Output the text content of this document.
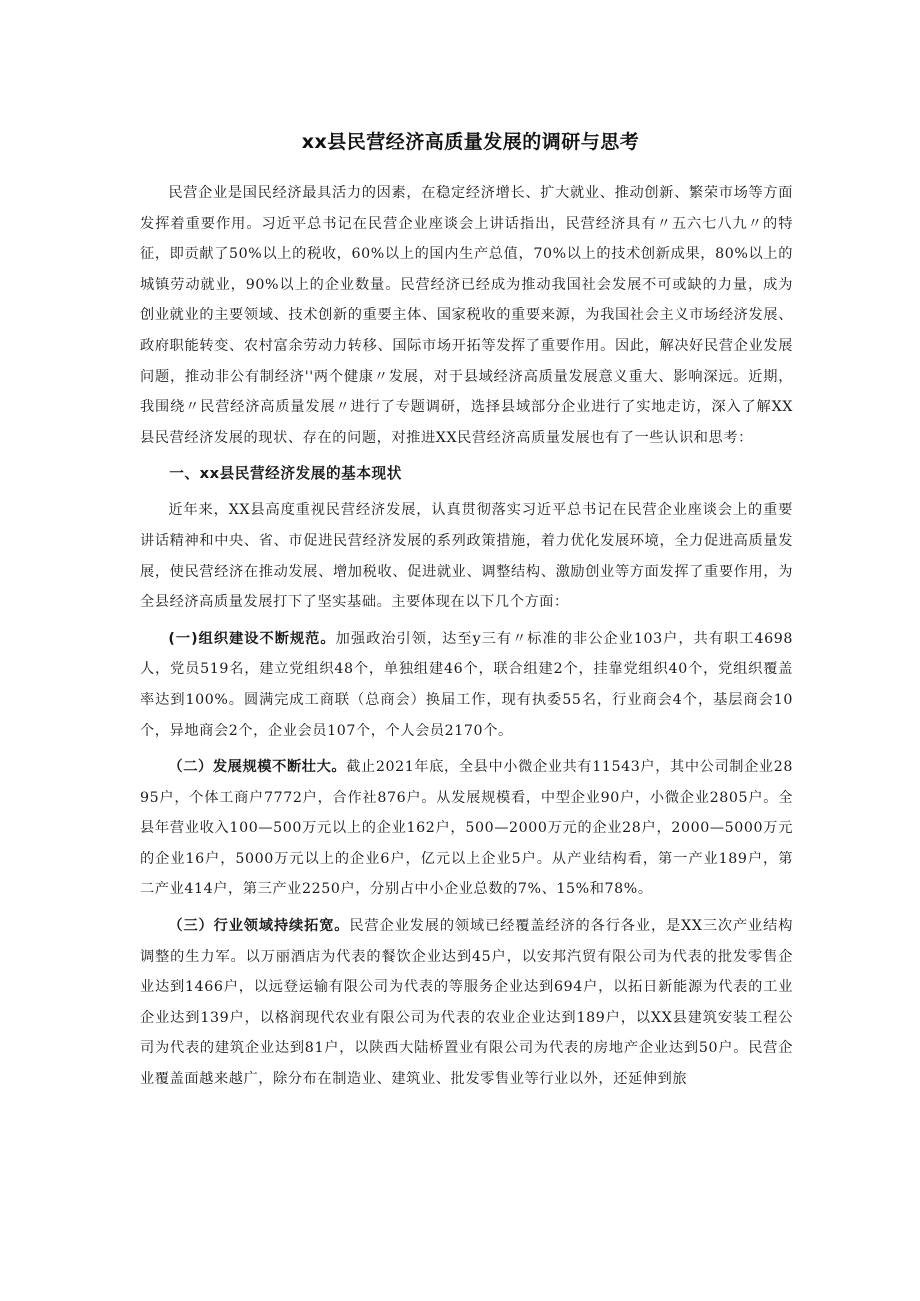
xx县民营经济高质量发展的调研与思考

民营企业是国民经济最具活力的因素，在稳定经济增长、扩大就业、推动创新、繁荣市场等方面发挥着重要作用。习近平总书记在民营企业座谈会上讲话指出，民营经济具有〃五六七八九〃的特征，即贡献了50%以上的税收，60%以上的国内生产总值，70%以上的技术创新成果，80%以上的城镇劳动就业，90%以上的企业数量。民营经济已经成为推动我国社会发展不可或缺的力量，成为创业就业的主要领域、技术创新的重要主体、国家税收的重要来源，为我国社会主义市场经济发展、政府职能转变、农村富余劳动力转移、国际市场开拓等发挥了重要作用。因此，解决好民营企业发展问题，推动非公有制经济''两个健康〃发展，对于县域经济高质量发展意义重大、影响深远。近期，我围绕〃民营经济高质量发展〃进行了专题调研，选择县域部分企业进行了实地走访，深入了解XX县民营经济发展的现状、存在的问题，对推进XX民营经济高质量发展也有了一些认识和思考：

一、xx县民营经济发展的基本现状

近年来，XX县高度重视民营经济发展，认真贯彻落实习近平总书记在民营企业座谈会上的重要讲话精神和中央、省、市促进民营经济发展的系列政策措施，着力优化发展环境，全力促进高质量发展，使民营经济在推动发展、增加税收、促进就业、调整结构、激励创业等方面发挥了重要作用，为全县经济高质量发展打下了坚实基础。主要体现在以下几个方面：

(一)组织建设不断规范。加强政治引领，达至y三有〃标准的非公企业103户，共有职工4698人，党员519名，建立党组织48个，单独组建46个，联合组建2个，挂靠党组织40个，党组织覆盖率达到100%。圆满完成工商联（总商会）换届工作，现有执委55名，行业商会4个，基层商会10个，异地商会2个，企业会员107个，个人会员2170个。

（二）发展规模不断壮大。截止2021年底，全县中小微企业共有11543户，其中公司制企业2895户，个体工商户7772户，合作社876户。从发展规模看，中型企业90户，小微企业2805户。全县年营业收入100—500万元以上的企业162户，500—2000万元的企业28户，2000—5000万元的企业16户，5000万元以上的企业6户，亿元以上企业5户。从产业结构看，第一产业189户，第二产业414户，第三产业2250户，分别占中小企业总数的7%、15%和78%。

（三）行业领域持续拓宽。民营企业发展的领域已经覆盖经济的各行各业，是XX三次产业结构调整的生力军。以万丽酒店为代表的餐饮企业达到45户，以安邦汽贸有限公司为代表的批发零售企业达到1466户，以远登运输有限公司为代表的等服务企业达到694户，以拓日新能源为代表的工业企业达到139户，以格润现代农业有限公司为代表的农业企业达到189户，以XX县建筑安装工程公司为代表的建筑企业达到81户，以陕西大陆桥置业有限公司为代表的房地产企业达到50户。民营企业覆盖面越来越广，除分布在制造业、建筑业、批发零售业等行业以外，还延伸到旅
